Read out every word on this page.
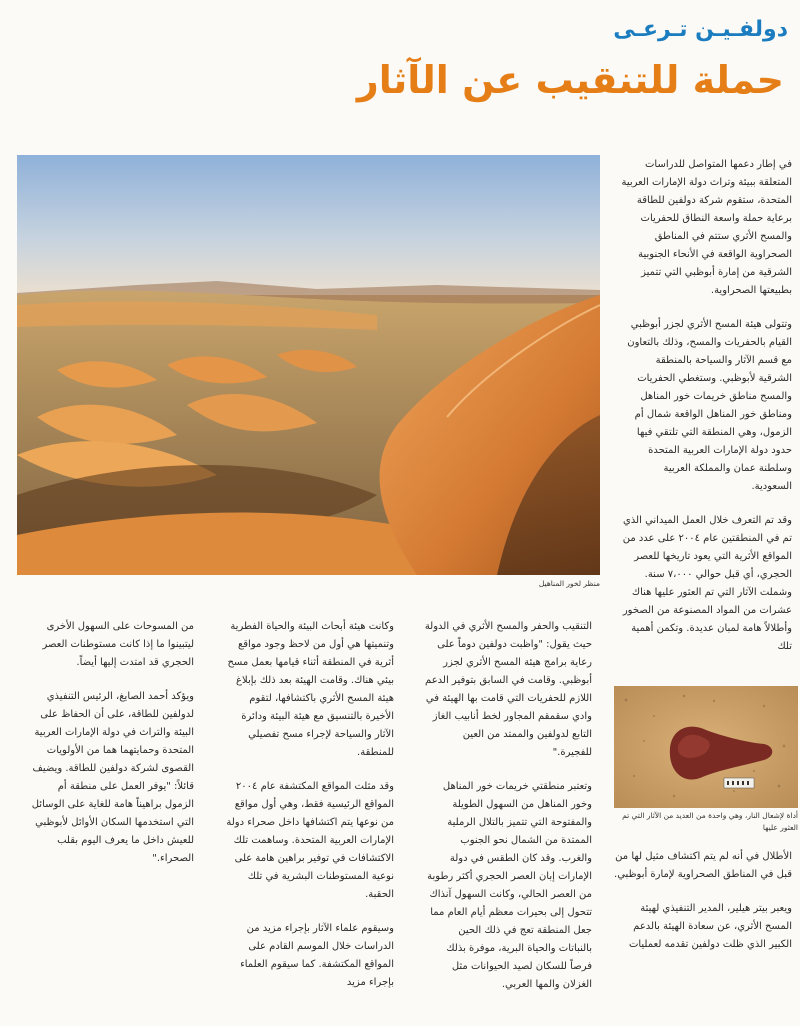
دولفـيـن تـرعـى
حملة للتنقيب عن الآثار
منظر لخور المناهيل

في إطار دعمها المتواصل للدراسات المتعلقة ببيئة وتراث دولة الإمارات العربية المتحدة، ستقوم شركة دولفين للطاقة برعاية حملة واسعة النطاق للحفريات والمسح الأثري ستتم في المناطق الصحراوية الواقعة في الأنحاء الجنوبية الشرقية من إمارة أبوظبي التي تتميز بطبيعتها الصحراوية.

وتتولى هيئة المسح الأثري لجزر أبوظبي القيام بالحفريات والمسح، وذلك بالتعاون مع قسم الآثار والسياحة بالمنطقة الشرقية لأبوظبي. وستغطي الحفريات والمسح مناطق خريمات خور المناهل ومناطق خور المناهل الواقعة شمال أم الزمول، وهي المنطقة التي تلتقي فيها حدود دولة الإمارات العربية المتحدة وسلطنة عمان والمملكة العربية السعودية.

وقد تم التعرف خلال العمل الميداني الذي تم في المنطقتين عام ٢٠٠٤ على عدد من المواقع الأثرية التي يعود تاريخها للعصر الحجري، أي قبل حوالي ٧،٠٠٠ سنة. وشملت الآثار التي تم العثور عليها هناك عشرات من المواد المصنوعة من الصخور وأطلالاً هامة لمبان عديدة. وتكمن أهمية تلك

أداة لإشعال النار، وهي واحدة من العديد من الآثار التي تم العثور عليها

الأطلال في أنه لم يتم اكتشاف مثيل لها من قبل في المناطق الصحراوية لإمارة أبوظبي.

ويعبر بيتر هيلير، المدير التنفيذي لهيئة المسح الأثري، عن سعادة الهيئة بالدعم الكبير الذي ظلت دولفين تقدمه لعمليات

التنقيب والحفر والمسح الأثري في الدولة حيث يقول: "واظبت دولفين دوماً على رعاية برامج هيئة المسح الأثري لجزر أبوظبي. وقامت في السابق بتوفير الدعم اللازم للحفريات التي قامت بها الهيئة في وادي سقمقم المجاور لخط أنابيب الغاز التابع لدولفين والممتد من العين للفجيرة."

وتعتبر منطقتي خريمات خور المناهل وخور المناهل من السهول الطويلة والمفتوحة التي تتميز بالتلال الرملية الممتدة من الشمال نحو الجنوب والغرب. وقد كان الطقس في دولة الإمارات إبان العصر الحجري أكثر رطوبة من العصر الحالي، وكانت السهول آنذاك تتحول إلى بحيرات معظم أيام العام مما جعل المنطقة تعج في ذلك الحين بالنباتات والحياة البرية، موفرة بذلك فرصاً للسكان لصيد الحيوانات مثل الغزلان والمها العربي.

وكانت هيئة أبحاث البيئة والحياة الفطرية وتنميتها هي أول من لاحظ وجود مواقع أثرية في المنطقة أثناء قيامها بعمل مسح بيئي هناك. وقامت الهيئة بعد ذلك بإبلاغ هيئة المسح الأثري باكتشافها، لتقوم الأخيرة بالتنسيق مع هيئة البيئة ودائرة الآثار والسياحة لإجراء مسح تفصيلي للمنطقة.

وقد مثلت المواقع المكتشفة عام ٢٠٠٤ المواقع الرئيسية فقط، وهي أول مواقع من نوعها يتم اكتشافها داخل صحراء دولة الإمارات العربية المتحدة. وساهمت تلك الاكتشافات في توفير براهين هامة على نوعية المستوطنات البشرية في تلك الحقبة.

وسيقوم علماء الآثار بإجراء مزيد من الدراسات خلال الموسم القادم على المواقع المكتشفة. كما سيقوم العلماء بإجراء مزيد

من المسوحات على السهول الأخرى ليتبينوا ما إذا كانت مستوطنات العصر الحجري قد امتدت إليها أيضاً.

ويؤكد أحمد الصايغ، الرئيس التنفيذي لدولفين للطاقة، على أن الحفاظ على البيئة والتراث في دولة الإمارات العربية المتحدة وحمايتهما هما من الأولويات القصوى لشركة دولفين للطاقة. ويضيف قائلاً: "يوفر العمل على منطقة أم الزمول براهيناً هامة للغاية على الوسائل التي استخدمها السكان الأوائل لأبوظبي للعيش داخل ما يعرف اليوم بقلب الصحراء."
